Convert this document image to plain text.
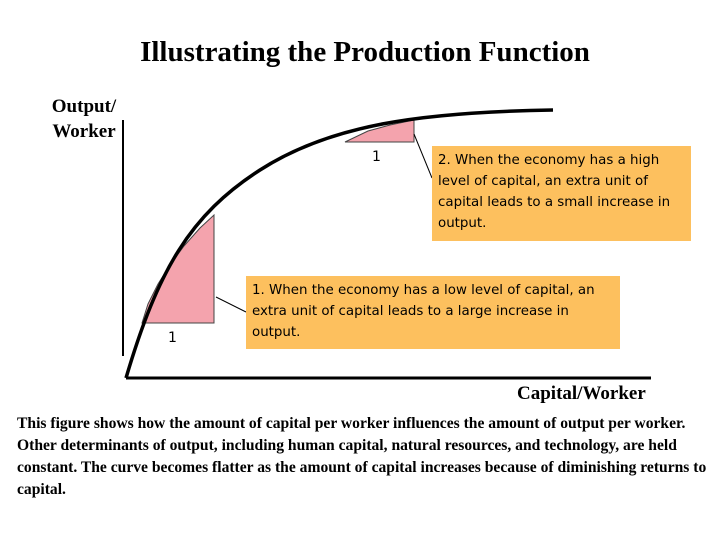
Illustrating the Production Function
Output/ Worker
Capital/Worker
1
1
1. When the economy has a low level of capital, an extra unit of capital leads to a large increase in output.
2. When the economy has a high level of capital, an extra unit of capital leads to a small increase in output.
This figure shows how the amount of capital per worker influences the amount of output per worker. Other determinants of output, including human capital, natural resources, and technology, are held constant. The curve becomes flatter as the amount of capital increases because of diminishing returns to capital.
